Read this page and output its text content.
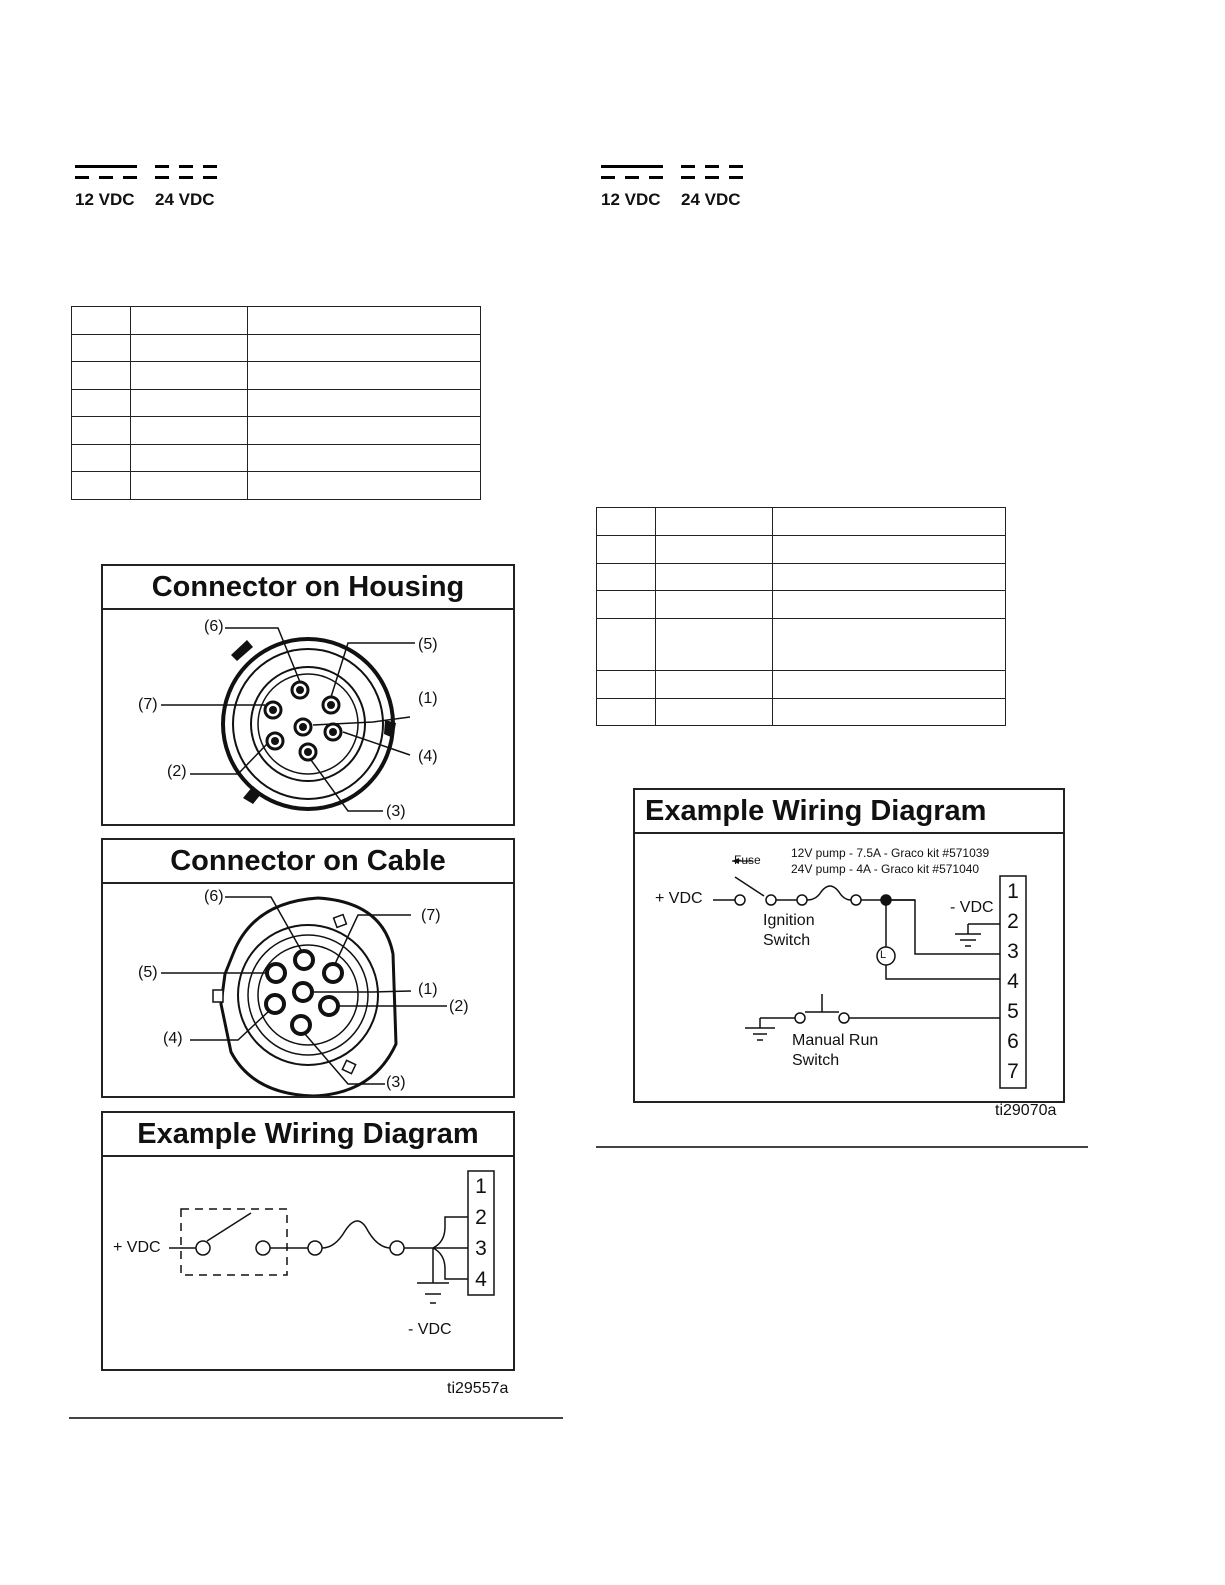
12 VDC 24 VDC	12 VDC 24 VDC

Connector on Housing
(6)
(5)
(7)	(1)
(4)
(2)
(3)
Connector on Cable
(6)
(7)
(5)
(1)
(2)
(4)
(3)
Example Wiring Diagram
1
2
3
4
+ VDC
- VDC
ti29557a
Example Wiring Diagram
1
2
3
4
5
6
7
Fuse	12V pump - 7.5A - Graco kit #571039
24V pump - 4A - Graco kit #571040
+ VDC
- VDC
Ignition
Switch
L
Manual Run
Switch
ti29070a
